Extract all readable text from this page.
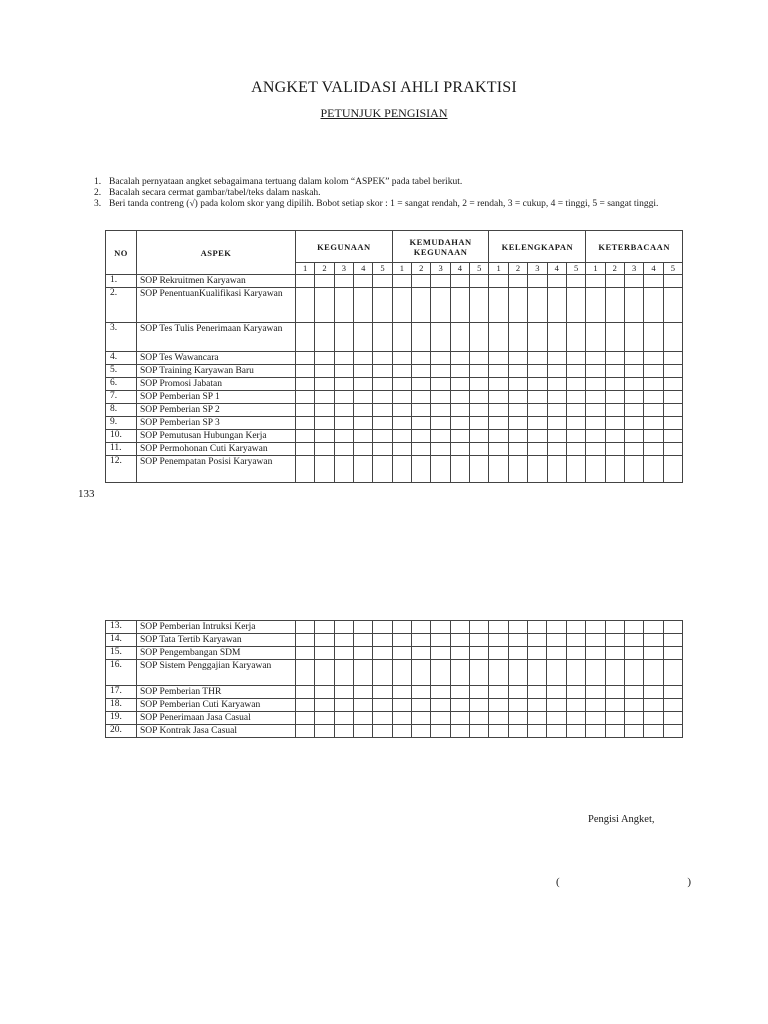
ANGKET VALIDASI AHLI PRAKTISI
PETUNJUK PENGISIAN
1. Bacalah pernyataan angket sebagaimana tertuang dalam kolom “ASPEK” pada tabel berikut.
2. Bacalah secara cermat gambar/tabel/teks dalam naskah.
3. Beri tanda contreng (√) pada kolom skor yang dipilih. Bobot setiap skor : 1 = sangat rendah, 2 = rendah, 3 = cukup, 4 = tinggi, 5 = sangat tinggi.
NO	ASPEK	KEGUNAAN					KEMUDAHAN KEGUNAAN					KELENGKAPAN					KETERBACAAN				
		1	2	3	4	5	1	2	3	4	5	1	2	3	4	5	1	2	3	4	5
1.	SOP Rekruitmen Karyawan																				
2.	SOP PenentuanKualifikasi Karyawan																				
3.	SOP Tes Tulis Penerimaan Karyawan																				
4.	SOP Tes Wawancara																				
5.	SOP Training Karyawan Baru																				
6.	SOP Promosi Jabatan																				
7.	SOP Pemberian SP 1																				
8.	SOP Pemberian SP 2																				
9.	SOP Pemberian SP 3																				
10.	SOP Pemutusan Hubungan Kerja																				
11.	SOP Permohonan Cuti Karyawan																				
12.	SOP Penempatan Posisi Karyawan																				
133
13.	SOP Pemberian Intruksi Kerja																				
14.	SOP Tata Tertib Karyawan																				
15.	SOP Pengembangan SDM																				
16.	SOP Sistem Penggajian Karyawan																				
17.	SOP Pemberian THR																				
18.	SOP Pemberian Cuti Karyawan																				
19.	SOP Penerimaan Jasa Casual																				
20.	SOP Kontrak Jasa Casual																				
Pengisi Angket,
(	)
